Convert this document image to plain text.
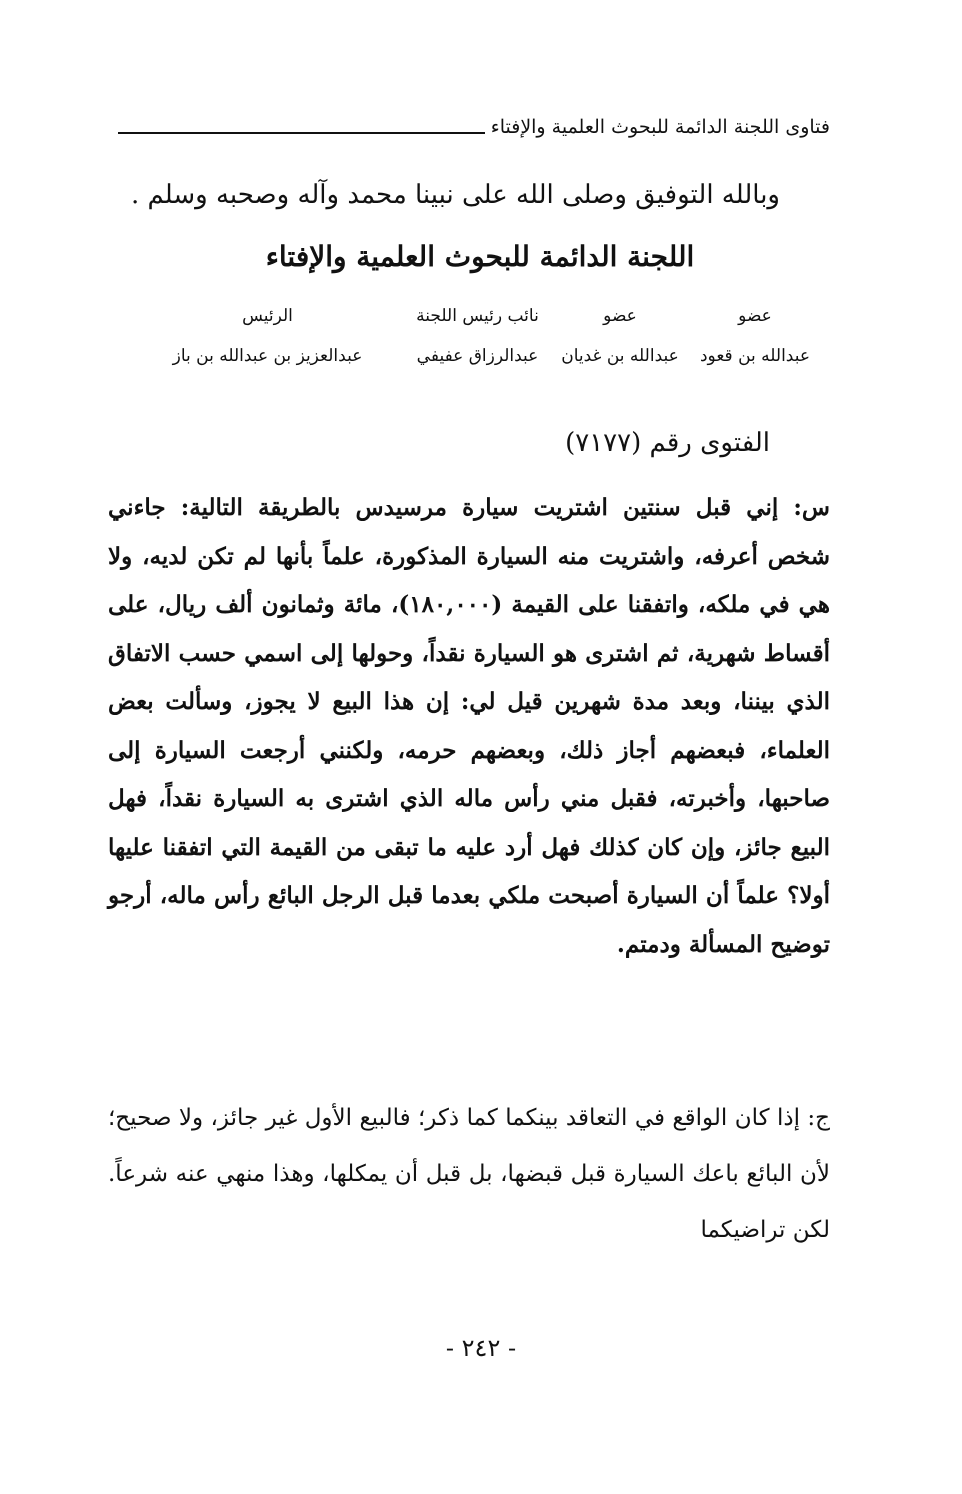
فتاوى اللجنة الدائمة للبحوث العلمية والإفتاء
وبالله التوفيق وصلى الله على نبينا محمد وآله وصحبه وسلم .
اللجنة الدائمة للبحوث العلمية والإفتاء
عضو
عضو
نائب رئيس اللجنة
الرئيس
عبدالله بن قعود
عبدالله بن غديان
عبدالرزاق عفيفي
عبدالعزيز بن عبدالله بن باز
الفتوى رقم (٧١٧٧)

س: إني قبل سنتين اشتريت سيارة مرسيدس بالطريقة التالية: جاءني شخص أعرفه، واشتريت منه السيارة المذكورة، علماً بأنها لم تكن لديه، ولا هي في ملكه، واتفقنا على القيمة (١٨٠,٠٠٠)، مائة وثمانون ألف ريال، على أقساط شهرية، ثم اشترى هو السيارة نقداً، وحولها إلى اسمي حسب الاتفاق الذي بيننا، وبعد مدة شهرين قيل لي: إن هذا البيع لا يجوز، وسألت بعض العلماء، فبعضهم أجاز ذلك، وبعضهم حرمه، ولكنني أرجعت السيارة إلى صاحبها، وأخبرته، فقبل مني رأس ماله الذي اشترى به السيارة نقداً، فهل البيع جائز، وإن كان كذلك فهل أرد عليه ما تبقى من القيمة التي اتفقنا عليها أولا؟ علماً أن السيارة أصبحت ملكي بعدما قبل الرجل البائع رأس ماله، أرجو توضيح المسألة ودمتم.

ج: إذا كان الواقع في التعاقد بينكما كما ذكر؛ فالبيع الأول غير جائز، ولا صحيح؛ لأن البائع باعك السيارة قبل قبضها، بل قبل أن يمكلها، وهذا منهي عنه شرعاً. لكن تراضيكما

- ٢٤٢ -
